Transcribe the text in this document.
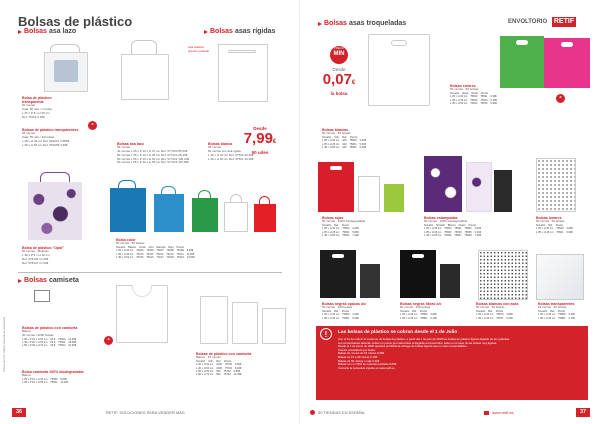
Bolsas de plástico
Bolsas asa lazo	Bolsas asas rígidas
Bolsa de plástico
transparente
60 micras
Caja: 50 uds. / 1 bolsa
L 25 x P 8 x H 35 cm
Ref. 75112 6,35€
Bolsas de plástico transparentes
25 micras
Caja: 50 uds / 10 bolsas
L 35 x H 45 cm Ref. 591001 2,985€
L 45 x H 55 cm Ref. 591005 3,99€
♻
Bolsas asa lazo
50 micras
40 micras L 25 x P 10 x H 37 cm Ref. 577220 85,90€
50 micras L 35 x P 10 x H 45 cm Ref. 577221 95,30€
50 micras L 50 x P 10 x H 50 cm Ref. 577222 105,20€
60 micras L 55 x P 10 x H 55 cm Ref. 577223 115,60€
Asa plástico
presión pulsado
Bolsas blanca
35 micras
60 micras con asa rígida
L 30 x H 40 cm Ref. 67500 30,40€
L 40 x H 50 cm Ref. 67501 36,90€
Bolsa de plástico "Opal"
60 micras · Multiuso
L 38 x P 5 x H 40 cm
Ref. 578136 14,40€
Ref. 578137 17,00€
Desde
7,99€
50 udes
Bolsa color
50 micras · 50 bolsas
Tamaño    Blanco    Verde    Azul    Naranja    Rojo    Precio
L 25 x H 30 cm    75205    75206    75207    75208    75209    8,90€
L 35 x H 40 cm    75210    75211    75212    75213    75214    11,90€
L 45 x H 50 cm    75215    75216    75217    75218    75219    14,50€
Bolsas camiseta
Bolsas de plástico con camiseta
Blanco
30 micras / 2000 bolsas
L 30 x P 15 x H 50 cm    20 €    75600    14,90€
L 40 x P 20 x H 60 cm    25 €    75601    18,90€
L 50 x P 25 x H 70 cm    30 €    75602    22,90€
♻
Bolsa camiseta 100% biodegradable
Blanco
L 25 x P 10 x H 40 cm    75650    8,60€
L 35 x P 15 x H 55 cm    75651    11,40€
Bolsas de plástico con camiseta
Blanco · 15 micras
Tamaño    Uds.    Ref.    Precio
L 30 x H 40 cm    1000    75700    6,50€
L 40 x H 50 cm    1000    75701    8,20€
L 50 x H 60 cm    500    75702    9,80€
L 60 x H 70 cm    500    75703    12,40€
Precios sin IVA. Válidos hasta fin de existencias
36	RETIF, SOLUCIONES PARA VENDER MÁS
Bolsas asas troqueladas	ENVOLTORIO RETIF
PRECIO
MIN
Desde
0,07€
la bolsa
Bolsas blancas
50 micras · 50 bolsas
Tamaño    Uds.    Ref.    Precio
L 25 x H 30 cm    100    75800    3,90€
L 35 x H 45 cm    100    75801    5,30€
L 45 x H 55 cm    100    75802    6,90€
Bolsas colores
50 micras · 50 bolsas
Tamaño    Rosa    Verde    Precio
L 25 x H 30 cm    75810    75811    3,99€
L 35 x H 45 cm    75812    75813    5,49€
L 45 x H 55 cm    75814    75815    6,99€
♻
Bolsas rojas
50 micras · 100% biodegradable
Tamaño    Ref.    Precio
L 25 x H 30 cm    75820    4,20€
L 35 x H 45 cm    75821    5,80€
L 45 x H 55 cm    75822    7,40€
Bolsas estampadas
50 micras · 100% biodegradable
Tamaño    Morado    Blanco    Negro    Precio
L 25 x H 30 cm    75830    75831    75832    4,90€
L 35 x H 45 cm    75833    75834    75835    6,40€
L 45 x H 55 cm    75836    75837    75838    7,90€
Bolsas lunares
50 micras · 50 bolsas
Tamaño    Ref.    Precio
L 25 x H 30 cm    75840    4,50€
L 35 x H 45 cm    75841    5,90€
Bolsas negras opacas o/c
50 micras · 100 bolsas
Tamaño    Ref.    Precio
L 25 x H 30 cm    75850    4,20€
L 35 x H 45 cm    75851    5,60€
Bolsas negras fibras o/c
50 micras · 100 bolsas
Tamaño    Ref.    Precio
L 25 x H 30 cm    75860    4,60€
L 35 x H 45 cm    75861    6,10€
Bolsas blancas con asas
50 micras · 50 bolsas
Tamaño    Ref.    Precio
L 25 x H 30 cm    75870    3,80€
L 35 x H 45 cm    75871    5,20€
Bolsas transparentes
25 micras · 50 bolsas
Tamaño    Ref.    Precio
L 25 x H 30 cm    75880    3,40€
L 35 x H 45 cm    75881    4,70€
!	Las bolsas de plástico se cobran desde el 1 de Julio
Con el fin de reducir el consumo de bolsas de plástico, a partir del 1 de julio de 2018 las bolsas de plástico ligeras dejarán de ser gratuitas.
Los comerciantes deberán cobrar un precio por cada bolsa entregada al consumidor, salvo en el caso de las bolsas muy ligeras.
Desde el 1 de enero de 2020 quedará prohibida la entrega de bolsas ligeras que no sean compostables.
Precios orientativos por bolsa:
Bolsas de menos de 15 micras 0,05€
Bolsas de 15 a 49 micras 0,15€
Bolsas de 50 micras o más 0,10€
Bolsas con un 50% de material reciclado 0,05€
Consulte la normativa vigente en www.retif.es
50 TIENDAS EN ESPAÑA	www.retif.es	37
